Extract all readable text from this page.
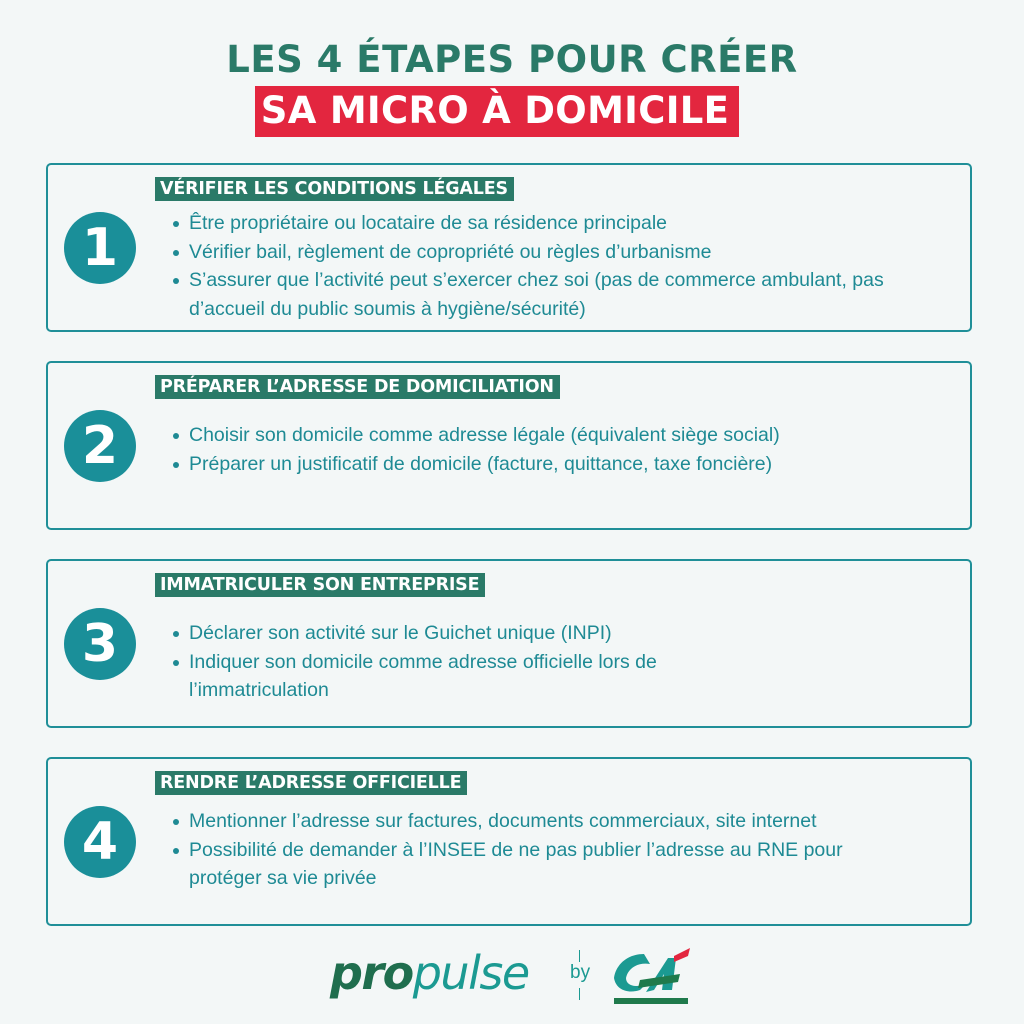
LES 4 ÉTAPES POUR CRÉER
SA MICRO À DOMICILE
1
VÉRIFIER LES CONDITIONS LÉGALES
Être propriétaire ou locataire de sa résidence principale
Vérifier bail, règlement de copropriété ou règles d’urbanisme
S’assurer que l’activité peut s’exercer chez soi (pas de commerce ambulant, pas d’accueil du public soumis à hygiène/sécurité)
2
PRÉPARER L’ADRESSE DE DOMICILIATION
Choisir son domicile comme adresse légale (équivalent siège social)
Préparer un justificatif de domicile (facture, quittance, taxe foncière)
3
IMMATRICULER SON ENTREPRISE
Déclarer son activité sur le Guichet unique (INPI)
Indiquer son domicile comme adresse officielle lors de l’immatriculation
4
RENDRE L’ADRESSE OFFICIELLE
Mentionner l’adresse sur factures, documents commerciaux, site internet
Possibilité de demander à l’INSEE de ne pas publier l’adresse au RNE pour protéger sa vie privée
propulse by
